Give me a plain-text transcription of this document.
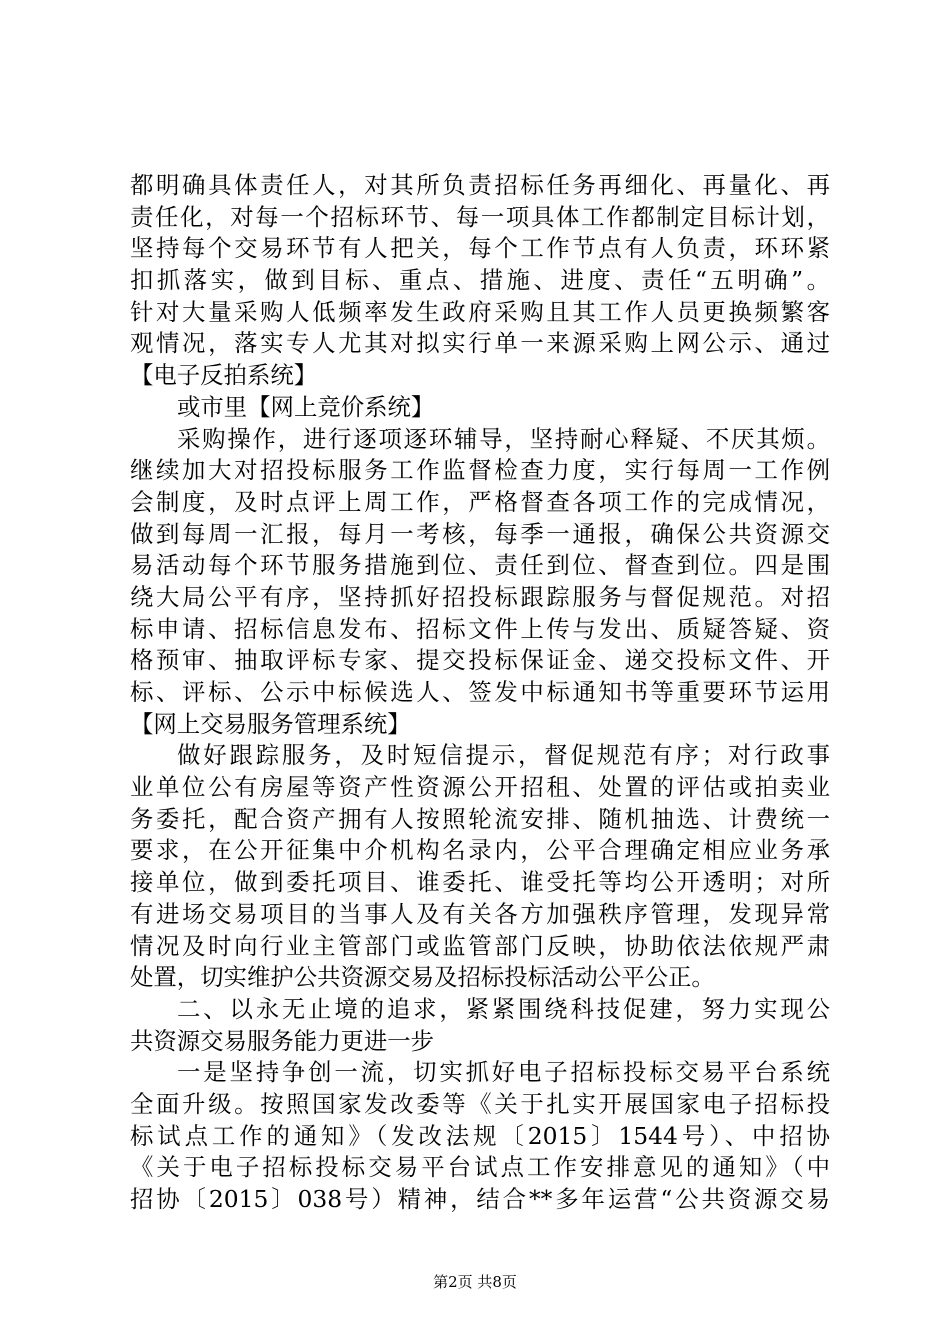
都明确具体责任人，对其所负责招标任务再细化、再量化、再
责任化，对每一个招标环节、每一项具体工作都制定目标计划，
坚持每个交易环节有人把关，每个工作节点有人负责，环环紧
扣抓落实，做到目标、重点、措施、进度、责任“五明确”。
针对大量采购人低频率发生政府采购且其工作人员更换频繁客
观情况，落实专人尤其对拟实行单一来源采购上网公示、通过
【电子反拍系统】
或市里【网上竞价系统】
采购操作，进行逐项逐环辅导，坚持耐心释疑、不厌其烦。
继续加大对招投标服务工作监督检查力度，实行每周一工作例
会制度，及时点评上周工作，严格督查各项工作的完成情况，
做到每周一汇报，每月一考核，每季一通报，确保公共资源交
易活动每个环节服务措施到位、责任到位、督查到位。四是围
绕大局公平有序，坚持抓好招投标跟踪服务与督促规范。对招
标申请、招标信息发布、招标文件上传与发出、质疑答疑、资
格预审、抽取评标专家、提交投标保证金、递交投标文件、开
标、评标、公示中标候选人、签发中标通知书等重要环节运用
【网上交易服务管理系统】
做好跟踪服务，及时短信提示，督促规范有序；对行政事
业单位公有房屋等资产性资源公开招租、处置的评估或拍卖业
务委托，配合资产拥有人按照轮流安排、随机抽选、计费统一
要求，在公开征集中介机构名录内，公平合理确定相应业务承
接单位，做到委托项目、谁委托、谁受托等均公开透明；对所
有进场交易项目的当事人及有关各方加强秩序管理，发现异常
情况及时向行业主管部门或监管部门反映，协助依法依规严肃
处置，切实维护公共资源交易及招标投标活动公平公正。
二、以永无止境的追求，紧紧围绕科技促建，努力实现公
共资源交易服务能力更进一步
一是坚持争创一流，切实抓好电子招标投标交易平台系统
全面升级。按照国家发改委等《关于扎实开展国家电子招标投
标试点工作的通知》（发改法规〔2015〕1544号）、中招协
《关于电子招标投标交易平台试点工作安排意见的通知》（中
招协〔2015〕038号）精神，结合**多年运营“公共资源交易
第2页 共8页
